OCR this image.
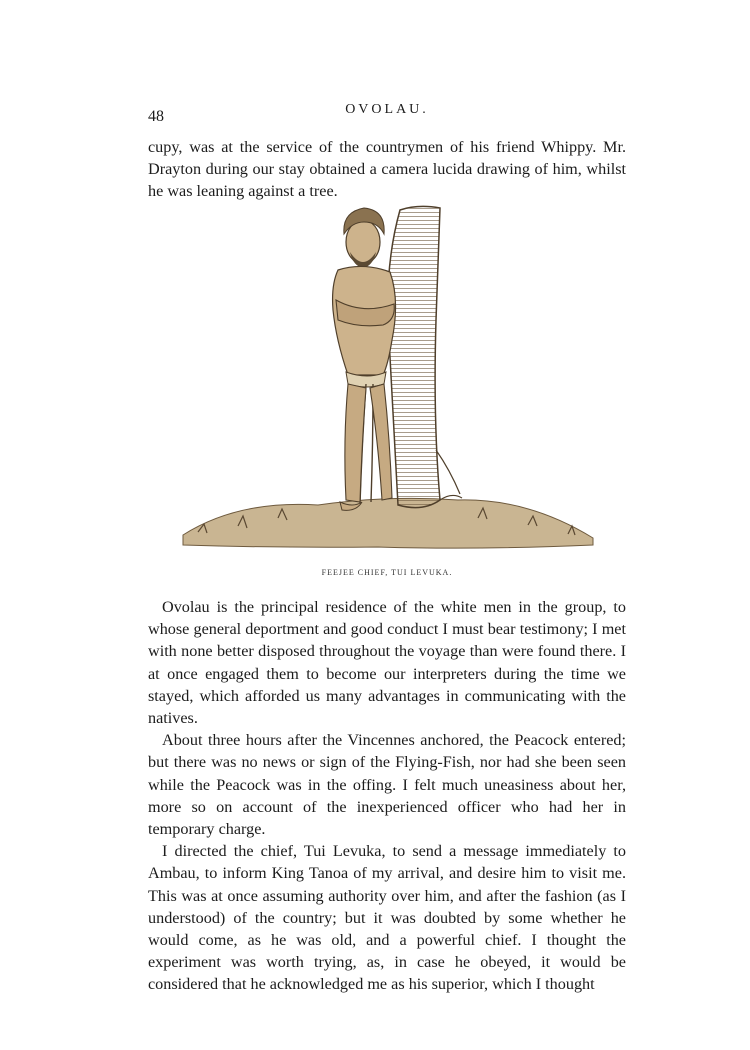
48	OVOLAU.

cupy, was at the service of the countrymen of his friend Whippy. Mr. Drayton during our stay obtained a camera lucida drawing of him, whilst he was leaning against a tree.

FEEJEE CHIEF, TUI LEVUKA.

Ovolau is the principal residence of the white men in the group, to whose general deportment and good conduct I must bear testimony; I met with none better disposed throughout the voyage than were found there. I at once engaged them to become our interpreters during the time we stayed, which afforded us many advantages in communicating with the natives.

About three hours after the Vincennes anchored, the Peacock entered; but there was no news or sign of the Flying-Fish, nor had she been seen while the Peacock was in the offing. I felt much uneasiness about her, more so on account of the inexperienced officer who had her in temporary charge.

I directed the chief, Tui Levuka, to send a message immediately to Ambau, to inform King Tanoa of my arrival, and desire him to visit me. This was at once assuming authority over him, and after the fashion (as I understood) of the country; but it was doubted by some whether he would come, as he was old, and a powerful chief. I thought the experiment was worth trying, as, in case he obeyed, it would be considered that he acknowledged me as his superior, which I thought
